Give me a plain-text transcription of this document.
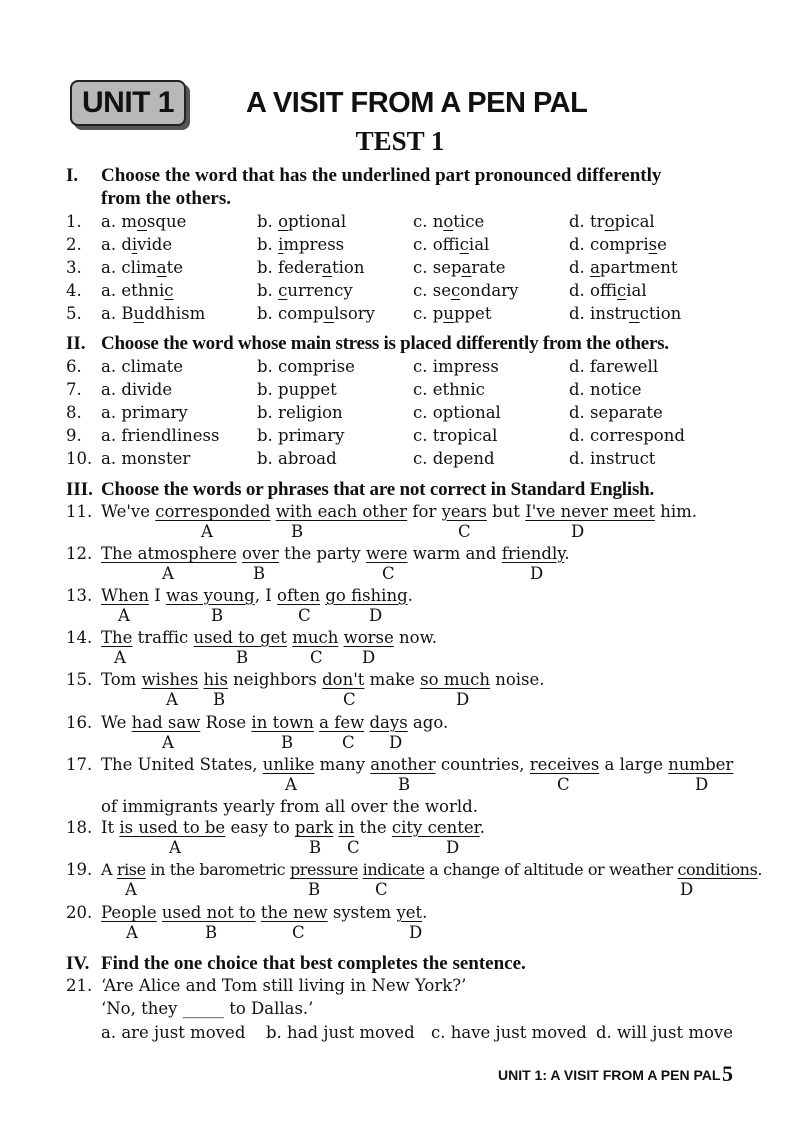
UNIT 1	A VISIT FROM A PEN PAL
TEST 1
I. Choose the word that has the underlined part pronounced differently
from the others.
1. a. mosque	b. optional	c. notice	d. tropical
2. a. divide	b. impress	c. official	d. comprise
3. a. climate	b. federation	c. separate	d. apartment
4. a. ethnic	b. currency	c. secondary	d. official
5. a. Buddhism	b. compulsory c. puppet	d. instruction
II. Choose the word whose main stress is placed differently from the others.
6. a. climate	b. comprise	c. impress	d. farewell
7. a. divide	b. puppet	c. ethnic	d. notice
8. a. primary	b. religion	c. optional	d. separate
9. a. friendliness b. primary	c. tropical	d. correspond
10. a. monster	b. abroad	c. depend	d. instruct
III. Choose the words or phrases that are not correct in Standard English.
11. We've corresponded with each other for years but I've never meet him.
A	B	C	D
12. The atmosphere over the party were warm and friendly.
A	B	C	D
13. When I was young, I often go fishing.
A	B	C	D
14. The traffic used to get much worse now.
A	B	C D
15. Tom wishes his neighbors don't make so much noise.
A B	C	D
16. We had saw Rose in town a few days ago.
A	B	C D
17. The United States, unlike many another countries, receives a large number
A	B	C	D
of immigrants yearly from all over the world.
18. It is used to be easy to park in the city center.
A	B C	D
19. A rise in the barometric pressure indicate a change of altitude or weather conditions.
A	B	C	D
20. People used not to the new system yet.
A	B	C	D
IV. Find the one choice that best completes the sentence.
21. ‘Are Alice and Tom still living in New York?’
‘No, they _____ to Dallas.’
a. are just moved b. had just moved c. have just moved d. will just move
UNIT 1: A VISIT FROM A PEN PAL 5
